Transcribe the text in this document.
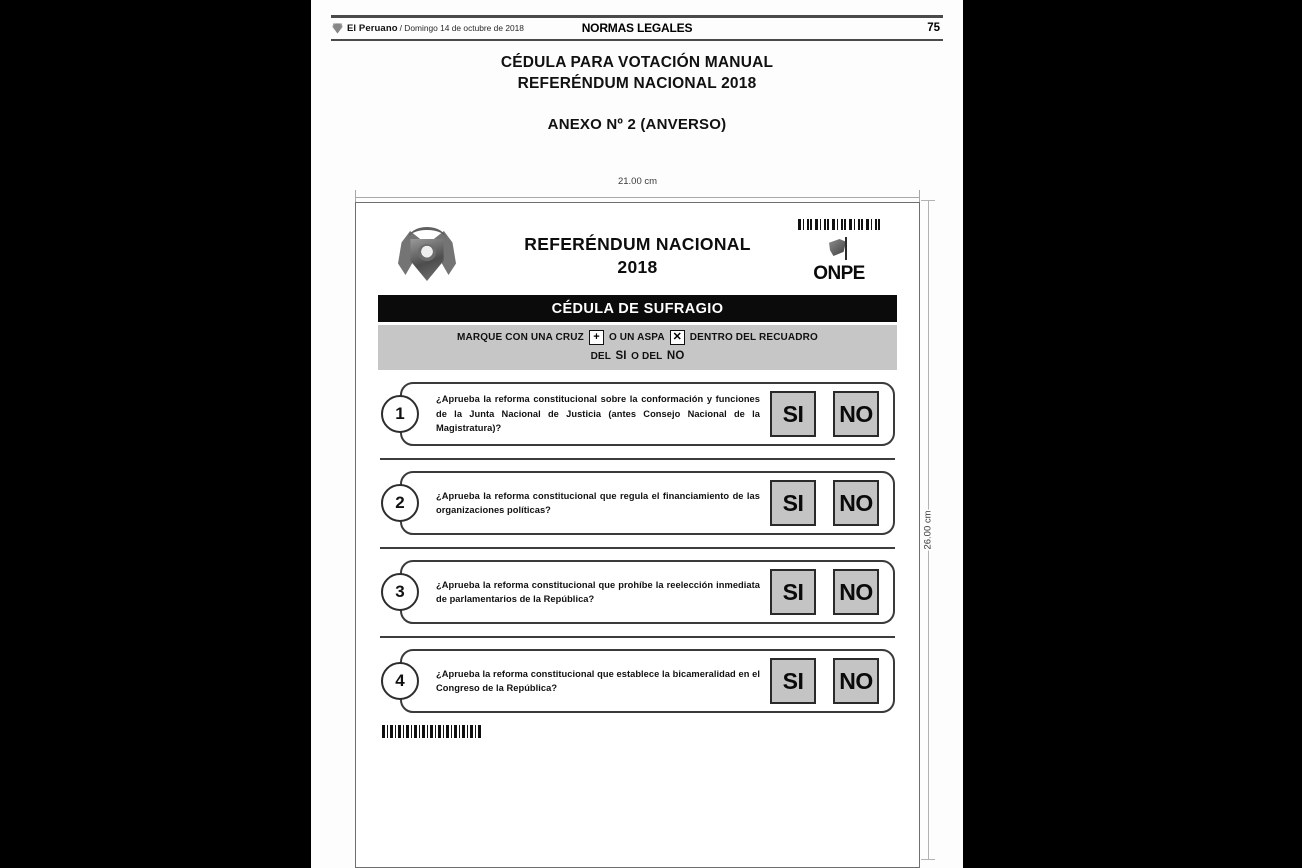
El Peruano / Domingo 14 de octubre de 2018	NORMAS LEGALES	75
CÉDULA PARA VOTACIÓN MANUAL
REFERÉNDUM NACIONAL 2018
ANEXO Nº 2 (ANVERSO)
21.00 cm
26.00 cm
REFERÉNDUM NACIONAL
2018	ONPE
CÉDULA DE SUFRAGIO
MARQUE CON UNA CRUZ + O UN ASPA ✕ DENTRO DEL RECUADRO
DEL
SI
O DEL
NO
1
¿Aprueba la reforma constitucional sobre la conformación y funciones de la Junta Nacional de Justicia (antes Consejo Nacional de la Magistratura)?
SI	NO
2	¿Aprueba la reforma constitucional que regula el financiamiento de las organizaciones políticas?	SI	NO
3	¿Aprueba la reforma constitucional que prohíbe la reelección inmediata de parlamentarios de la República?	SI	NO
4	¿Aprueba la reforma constitucional que establece la bicameralidad en el Congreso de la República?	SI	NO
